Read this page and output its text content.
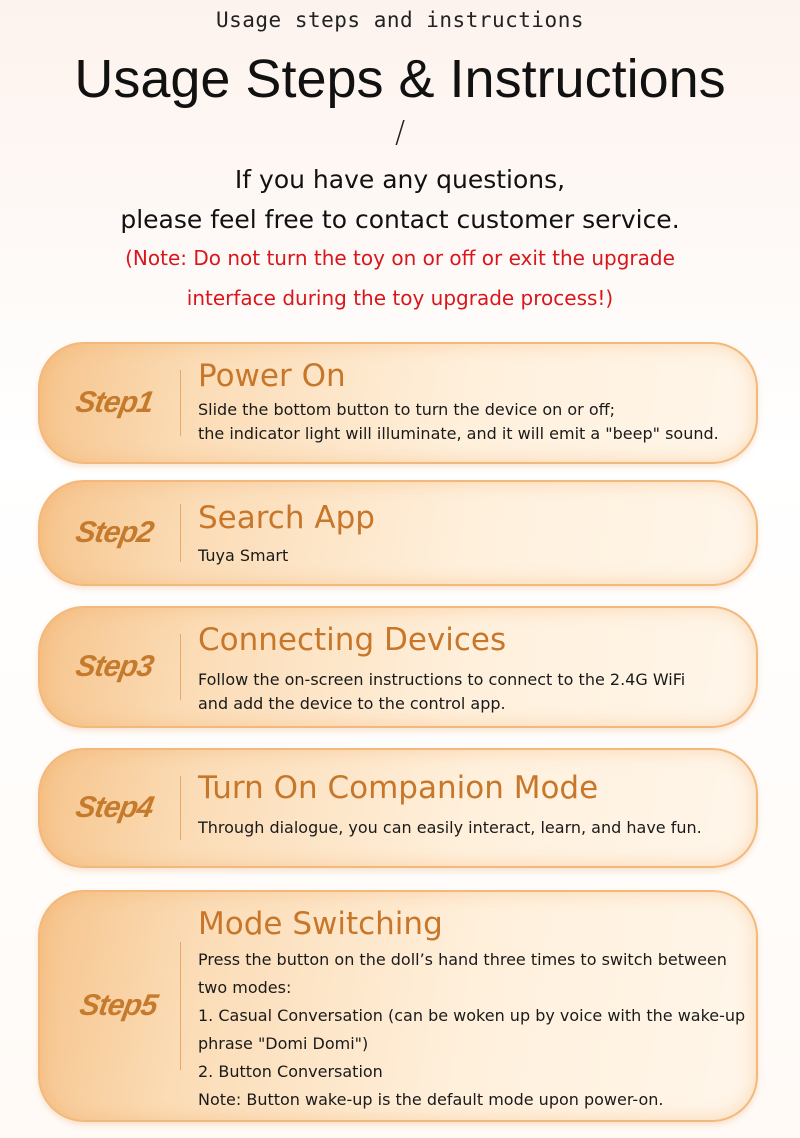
Usage steps and instructions
Usage Steps & Instructions
/
If you have any questions,
please feel free to contact customer service.
(Note: Do not turn the toy on or off or exit the upgrade
interface during the toy upgrade process!)
Step1
Power On
Slide the bottom button to turn the device on or off;
the indicator light will illuminate, and it will emit a "beep" sound.
Step2 Search App
Tuya Smart
Step3
Connecting Devices
Follow the on-screen instructions to connect to the 2.4G WiFi
and add the device to the control app.
Step4
Turn On Companion Mode
Through dialogue, you can easily interact, learn, and have fun.
Step5
Mode Switching
Press the button on the doll’s hand three times to switch between
two modes:
1. Casual Conversation (can be woken up by voice with the wake-up
phrase "Domi Domi")
2. Button Conversation
Note: Button wake-up is the default mode upon power-on.
